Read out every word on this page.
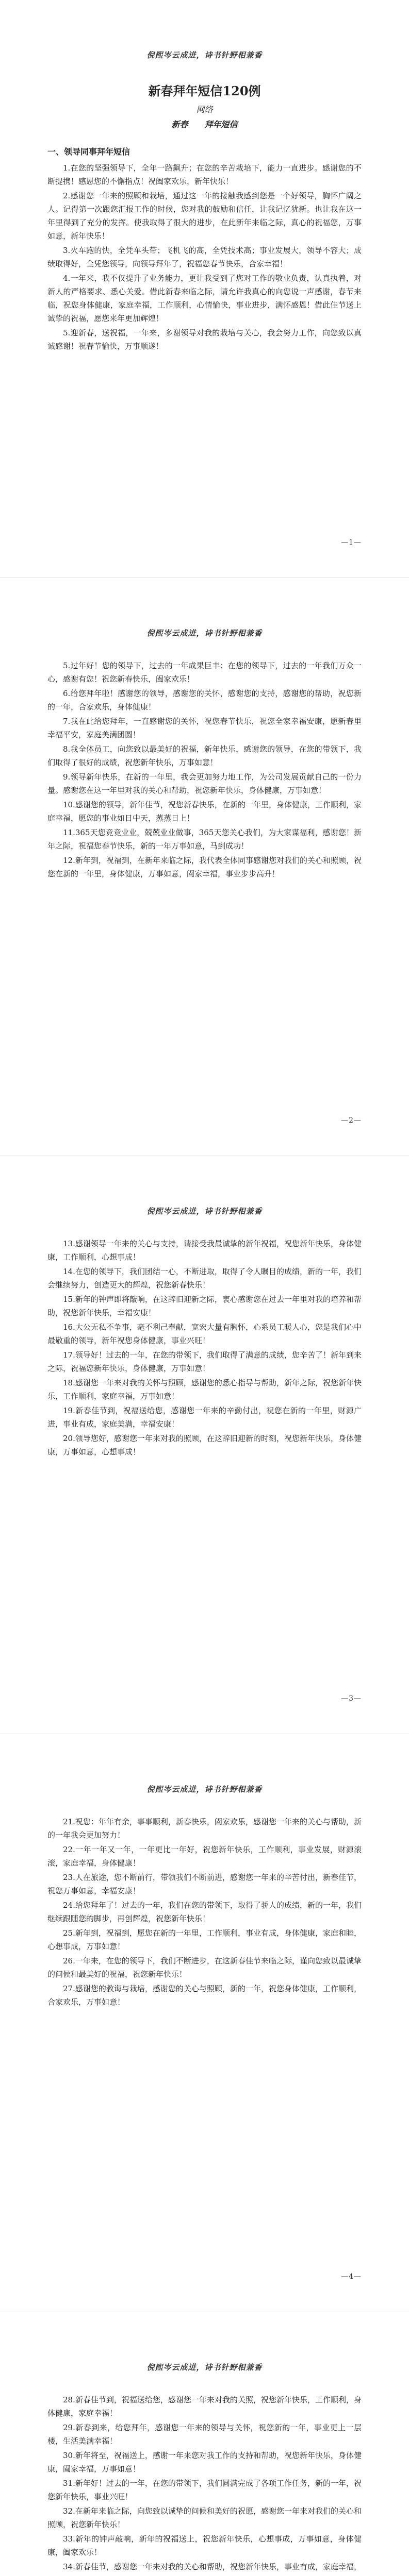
倪熙岑云成进，诗书针野相兼香
新春拜年短信120例
网络
新春　　拜年短信
一、领导同事拜年短信

1.在您的坚强领导下，全年一路飙升；在您的辛苦栽培下，能力一直进步。感谢您的不断提携！感恩您的不懈指点！祝阖家欢乐，新年快乐！

2.感谢您一年来的照顾和栽培，通过这一年的接触我感到您是一个好领导，胸怀广阔之人。记得第一次跟您汇报工作的时候，您对我的鼓励和信任，让我记忆犹新。也让我在这一年里得到了充分的发挥。使我取得了很大的进步，在此新年来临之际，真心的祝福您，万事如意，新年快乐！

3.火车跑的快，全凭车头带；飞机飞的高，全凭技术高；事业发展大，领导不容大；成绩取得好，全凭您领导，向领导拜年了，祝福您春节快乐，合家幸福！

4.一年来，我不仅提升了业务能力，更让我受到了您对工作的敬业负责，认真执着，对新人的严格要求、悉心关爱。借此新春来临之际，请允许我真心的向您说一声感谢，春节来临，祝您身体健康，家庭幸福，工作顺利，心情愉快，事业进步，满怀感恩！借此佳节送上诚挚的祝福，愿您来年更加辉煌！

5.迎新春，送祝福，一年来，多谢领导对我的栽培与关心，我会努力工作，向您致以真诚感谢！祝春节愉快，万事顺遂！

—1—
倪熙岑云成进，诗书针野相兼香

5.过年好！您的领导下，过去的一年成果巨丰；在您的领导下，过去的一年我们万众一心，感谢有您！祝您新春快乐，阖家欢乐！

6.给您拜年啦！感谢您的领导，感谢您的关怀，感谢您的支持，感谢您的帮助，祝您新的一年，合家欢乐，身体健康！

7.我在此给您拜年，一直感谢您的关怀，祝您春节快乐，祝您全家幸福安康，愿新春里幸福平安，家庭美满团圆！

8.我全体员工，向您致以最美好的祝福，新年快乐，感谢您的领导，在您的带领下，我们取得了很好的成绩，祝您新年快乐，万事如意！

9.领导新年快乐，在新的一年里，我会更加努力地工作，为公司发展贡献自己的一份力量。感谢您在这一年里对我的关心和帮助，祝您新年快乐，身体健康，万事如意！

10.感谢您的领导，新年佳节，祝您新春快乐，在新的一年里，身体健康，工作顺利，家庭幸福，愿您的事业如日中天，蒸蒸日上！

11.365天您竞竞业业，兢兢业业做事，365天您关心我们，为大家谋福利，感谢您！新年之际，祝福您春节快乐，新的一年万事如意，马到成功！

12.新年到，祝福到，在新年来临之际，我代表全体同事感谢您对我们的关心和照顾，祝您在新的一年里，身体健康，万事如意，阖家幸福，事业步步高升！

—2—
倪熙岑云成进，诗书针野相兼香

13.感谢领导一年来的关心与支持，请接受我最诚挚的新年祝福，祝您新年快乐，身体健康，工作顺利，心想事成！

14.在您的领导下，我们团结一心，不断进取，取得了令人瞩目的成绩，新的一年，我们会继续努力，创造更大的辉煌，祝您新春快乐！

15.新年的钟声即将敲响，在这辞旧迎新之际，衷心感谢您在过去一年里对我的培养和帮助，祝您新年快乐，幸福安康！

16.大公无私不争事，毫不利己奉献，宽宏大量有胸怀，心系员工暖人心，您是我们心中最敬重的领导，新年祝您身体健康，事业兴旺！

17.领导好！过去的一年，在您的带领下，我们取得了满意的成绩，您辛苦了！新年到来之际，祝福您新年快乐，身体健康，万事如意！

18.感谢您一年来对我的关怀与照顾，感谢您的悉心指导与帮助，新年之际，祝您新年快乐，工作顺利，家庭幸福，万事如意！

19.新春佳节到，祝福送给您，感谢您一年来的辛勤付出，祝您在新的一年里，财源广进，事业有成，家庭美满，幸福安康！

20.领导您好，感谢您一年来对我的照顾，在这辞旧迎新的时刻，祝您新年快乐，身体健康，万事如意，心想事成！

—3—
倪熙岑云成进，诗书针野相兼香

21.祝您：年年有余，事事顺利，新春快乐，阖家欢乐，感谢您一年来的关心与帮助，新的一年我会更加努力！

22.一年一年又一年，一年更比一年好，祝您新年快乐，工作顺利，事业发展，财源滚滚，家庭幸福，身体健康！

23.人在旅途，您不断前行，带领我们不断前进，感谢您一年来的辛苦付出，新春佳节，祝您万事如意，幸福安康！

24.给您拜年了！过去的一年，我们在您的带领下，取得了骄人的成绩，新的一年，我们继续跟随您的脚步，再创辉煌，祝您新年快乐！

25.新年到，祝福到，愿您在新的一年里，工作顺利，事业有成，身体健康，家庭和睦，心想事成，万事如意！

26.一年来，在您的领导下，我们不断进步，在这新春佳节来临之际，谨向您致以最诚挚的问候和最美好的祝福，祝您新年快乐！

27.感谢您的教诲与栽培，感谢您的关心与照顾，新的一年，祝您身体健康，工作顺利，合家欢乐，万事如意！

—4—
倪熙岑云成进，诗书针野相兼香

28.新春佳节到，祝福送给您，感谢您一年来对我的关照，祝您新年快乐，工作顺利，身体健康，家庭幸福！

29.新春到来，给您拜年，感谢您一年来的领导与关怀，祝您新的一年，事业更上一层楼，生活美满幸福！

30.新年将至，祝福送上，感谢一年来您对我工作的支持和帮助，祝您新年快乐，身体健康，阖家幸福，万事如意！

31.新年好！过去的一年，在您的带领下，我们圆满完成了各项工作任务，新的一年，祝您新年快乐，事业兴旺！

32.在新年来临之际，向您致以诚挚的问候和美好的祝愿，感谢您一年来对我们的关心和照顾，祝您新年快乐！

33.新年的钟声敲响，新年的祝福送上，祝您新年快乐，心想事成，万事如意，身体健康，阖家欢乐！

34.新春佳节，感谢您一年来对我的关心和帮助，祝您新年快乐，事业有成，家庭幸福，
